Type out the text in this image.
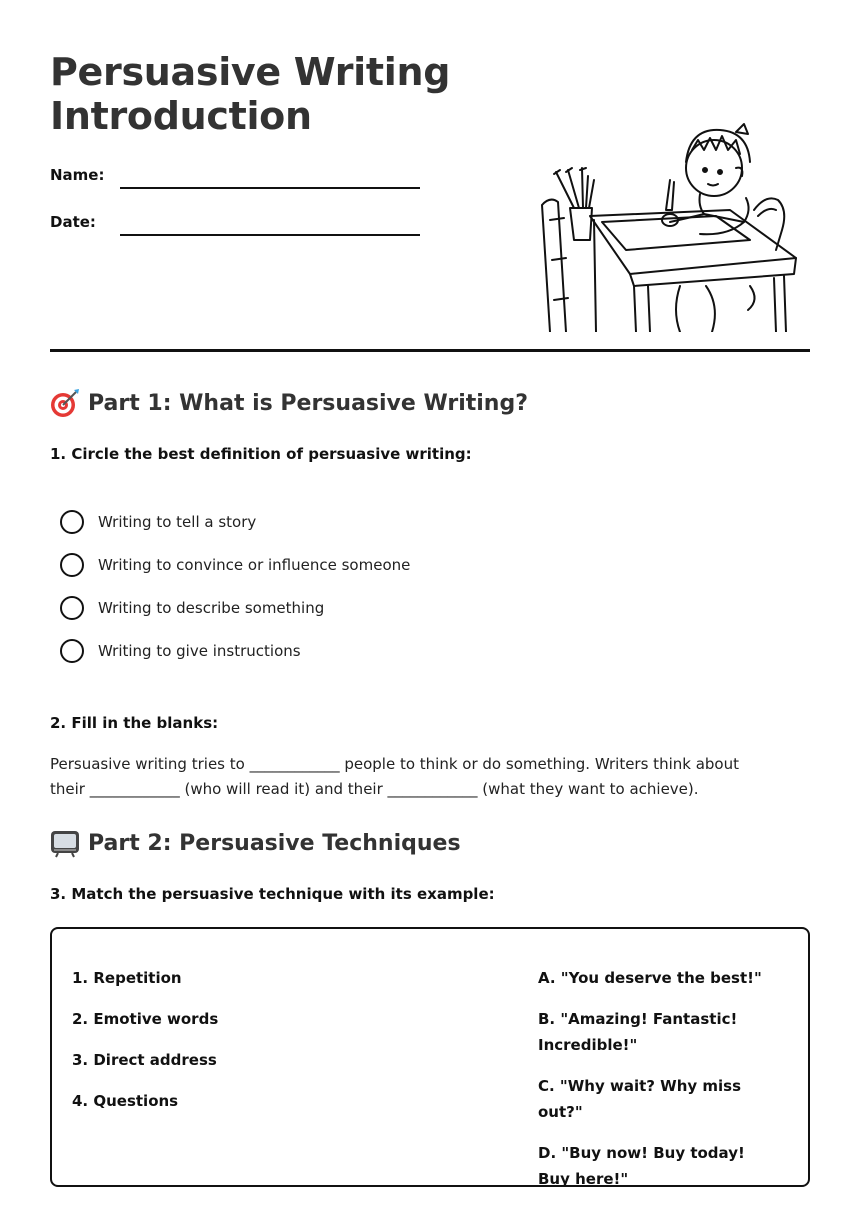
Persuasive Writing Introduction
Name:
Date:
Part 1: What is Persuasive Writing?
1. Circle the best definition of persuasive writing:
Writing to tell a story
Writing to convince or influence someone
Writing to describe something
Writing to give instructions
2. Fill in the blanks:
Persuasive writing tries to ____________ people to think or do something. Writers think about their ____________ (who will read it) and their ____________ (what they want to achieve).
Part 2: Persuasive Techniques
3. Match the persuasive technique with its example:
1. Repetition
2. Emotive words
3. Direct address
4. Questions
A. "You deserve the best!"
B. "Amazing! Fantastic! Incredible!"
C. "Why wait? Why miss out?"
D. "Buy now! Buy today! Buy here!"
